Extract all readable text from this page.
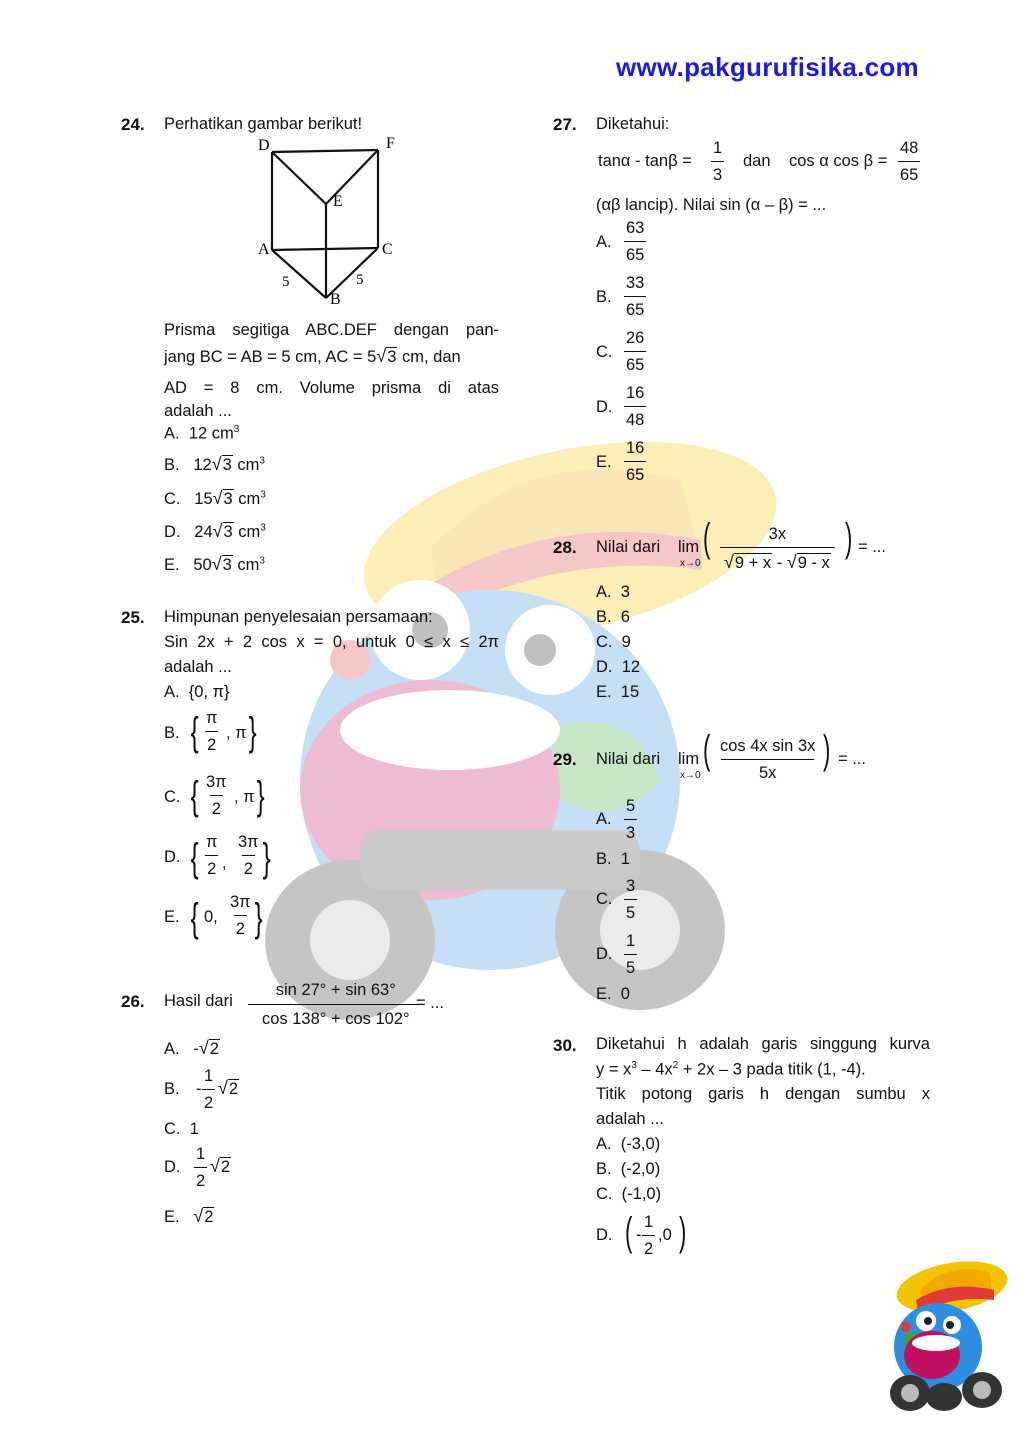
www.pakgurufisika.com
24. Perhatikan gambar berikut!
D	F
E
A	C
B
5	5
Prisma segitiga ABC.DEF dengan pan-
jang BC = AB = 5 cm, AC = 5√3 cm, dan
AD = 8 cm. Volume prisma di atas
adalah ...
A. 12 $cm^3$
B. 12√3 $cm^3$
C. 15√3 $cm^3$
D. 24√3 $cm^3$
E. 50√3 $cm^3$
25. Himpunan penyelesaian persamaan:
Sin 2x + 2 cos x = 0, untuk 0 ≤ x ≤ 2π
adalah ...
A. {0, π}
B. { $\frac{\pi}{2}$ , π }
C. { $\frac{3\pi}{2}$ , π }
D. { $\frac{\pi}{2}$ , $\frac{3\pi}{2}$ }
E. { 0, $\frac{3\pi}{2}$ }
26. Hasil dari $\frac{\sin 27^\circ + \sin 63^\circ}{\cos 138^\circ + \cos 102^\circ}$
= ...
A. -√2
B. - $\frac{1}{2} √2$
C. 1
D. $\frac{1}{2} √2$
E. √2
27. Diketahui:
$\tan\alpha - \tan\beta = \frac{1}{3}$ dan cos α $\cos \beta = \frac{48}{65}$
(αβ lancip). Nilai sin (α – β) = ...
A. $\frac{63}{65}$
B. $\frac{33}{65}$
C. $\frac{26}{65}$
D. $\frac{16}{48}$
E. $\frac{16}{65}$
28. Nilai dari lim
x→0
( $\frac{3x}{√9 + x - √9 - x}$ ) = ...
A. 3
B. 6
C. 9
D. 12
E. 15
29. Nilai dari lim
x→0
( $\frac{\text{cos 4x sin 3x}}{5x}$ ) = ...
A. $\frac{5}{3}$
B. 1
C. $\frac{3}{5}$
D. $\frac{1}{5}$
E. 0
30. Diketahui h adalah garis singgung kurva
$y = x^3 - 4x^2 + 2x - 3$ pada titik (1, -4).
Titik potong garis h dengan sumbu x
adalah ...
A. (-3,0)
B. (-2,0)
C. (-1,0)
D. ( - $\frac{1}{2} ,0$ )
